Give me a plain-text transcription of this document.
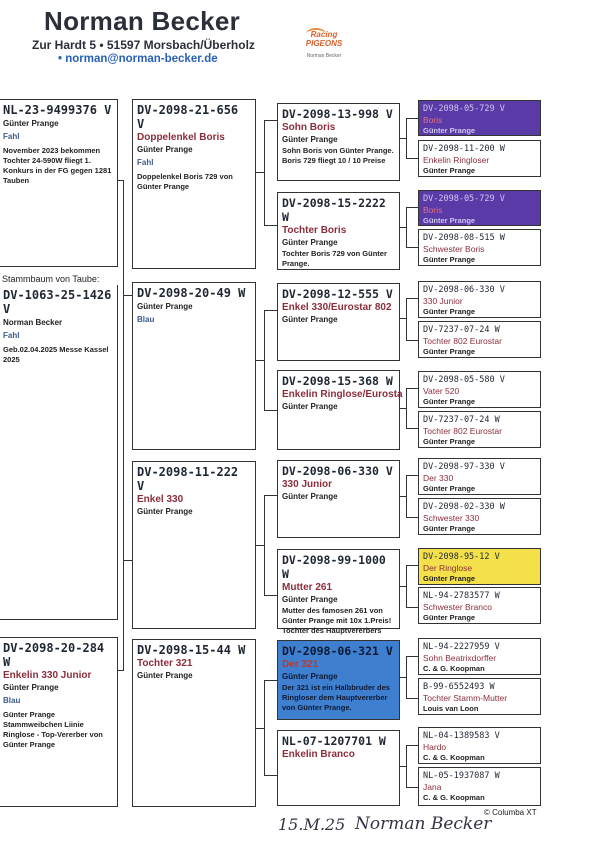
Norman Becker
Zur Hardt 5 • 51597 Morsbach/Überholz
• norman@norman-becker.de
Racing
PIGEONS
Norman Becker
Stammbaum von Taube:
NL-23-9499376 V
Günter Prange
Fahl
November 2023 bekommen Tochter 24-590W fliegt 1. Konkurs in der FG gegen 1281 Tauben
DV-1063-25-1426 V
Norman Becker
Fahl
Geb.02.04.2025 Messe Kassel 2025
DV-2098-20-284 W
Enkelin 330 Junior
Günter Prange
Blau
Günter Prange Stammweibchen Liinie Ringlose - Top-Vererber von Günter Prange
DV-2098-21-656 V
Doppelenkel Boris
Günter Prange
Fahl
Doppelenkel Boris 729 von Günter Prange
DV-2098-20-49 W
Günter Prange
Blau
DV-2098-11-222 V
Enkel 330
Günter Prange
DV-2098-15-44 W
Tochter 321
Günter Prange
DV-2098-13-998 V
Sohn Boris
Günter Prange
Sohn Boris von Günter Prange. Boris 729 fliegt 10 / 10 Preise
DV-2098-15-2222 W
Tochter Boris
Günter Prange
Tochter Boris 729 von Günter Prange.
DV-2098-12-555 V
Enkel 330/Eurostar 802
Günter Prange
DV-2098-15-368 W
Enkelin Ringlose/Eurosta
Günter Prange
DV-2098-06-330 V
330 Junior
Günter Prange
DV-2098-99-1000 W
Mutter 261
Günter Prange
Mutter des famosen 261 von Günter Prange mit 10x 1.Preis! Tochter des Hauptvererbers
DV-2098-06-321 V
Der 321
Günter Prange
Der 321 ist ein Halbbruder des Ringloser dem Hauptvererber von Günter Prange.
NL-07-1207701 W
Enkelin Branco
DV-2098-05-729 V
Boris
Günter Prange
DV-2098-11-200 W
Enkelin Ringloser
Günter Prange
DV-2098-05-729 V
Boris
Günter Prange
DV-2098-08-515 W
Schwester Boris
Günter Prange
DV-2098-06-330 V
330 Junior
Günter Prange
DV-7237-07-24 W
Tochter 802 Eurostar
Günter Prange
DV-2098-05-580 V
Vater 520
Günter Prange
DV-7237-07-24 W
Tochter 802 Eurostar
Günter Prange
DV-2098-97-330 V
Der 330
Günter Prange
DV-2098-02-330 W
Schwester 330
Günter Prange
DV-2098-95-12 V
Der Ringlose
Günter Prange
NL-94-2783577 W
Schwester Branco
Günter Prange
NL-94-2227959 V
Sohn Beatrixdorffer
C. & G. Koopman
B-99-6552493 W
Tochter Stamm-Mutter
Louis van Loon
NL-04-1389583 V
Hardo
C. & G. Koopman
NL-05-1937087 W
Jana
C. & G. Koopman
15.M.25 Norman Becker
© Columba XT
